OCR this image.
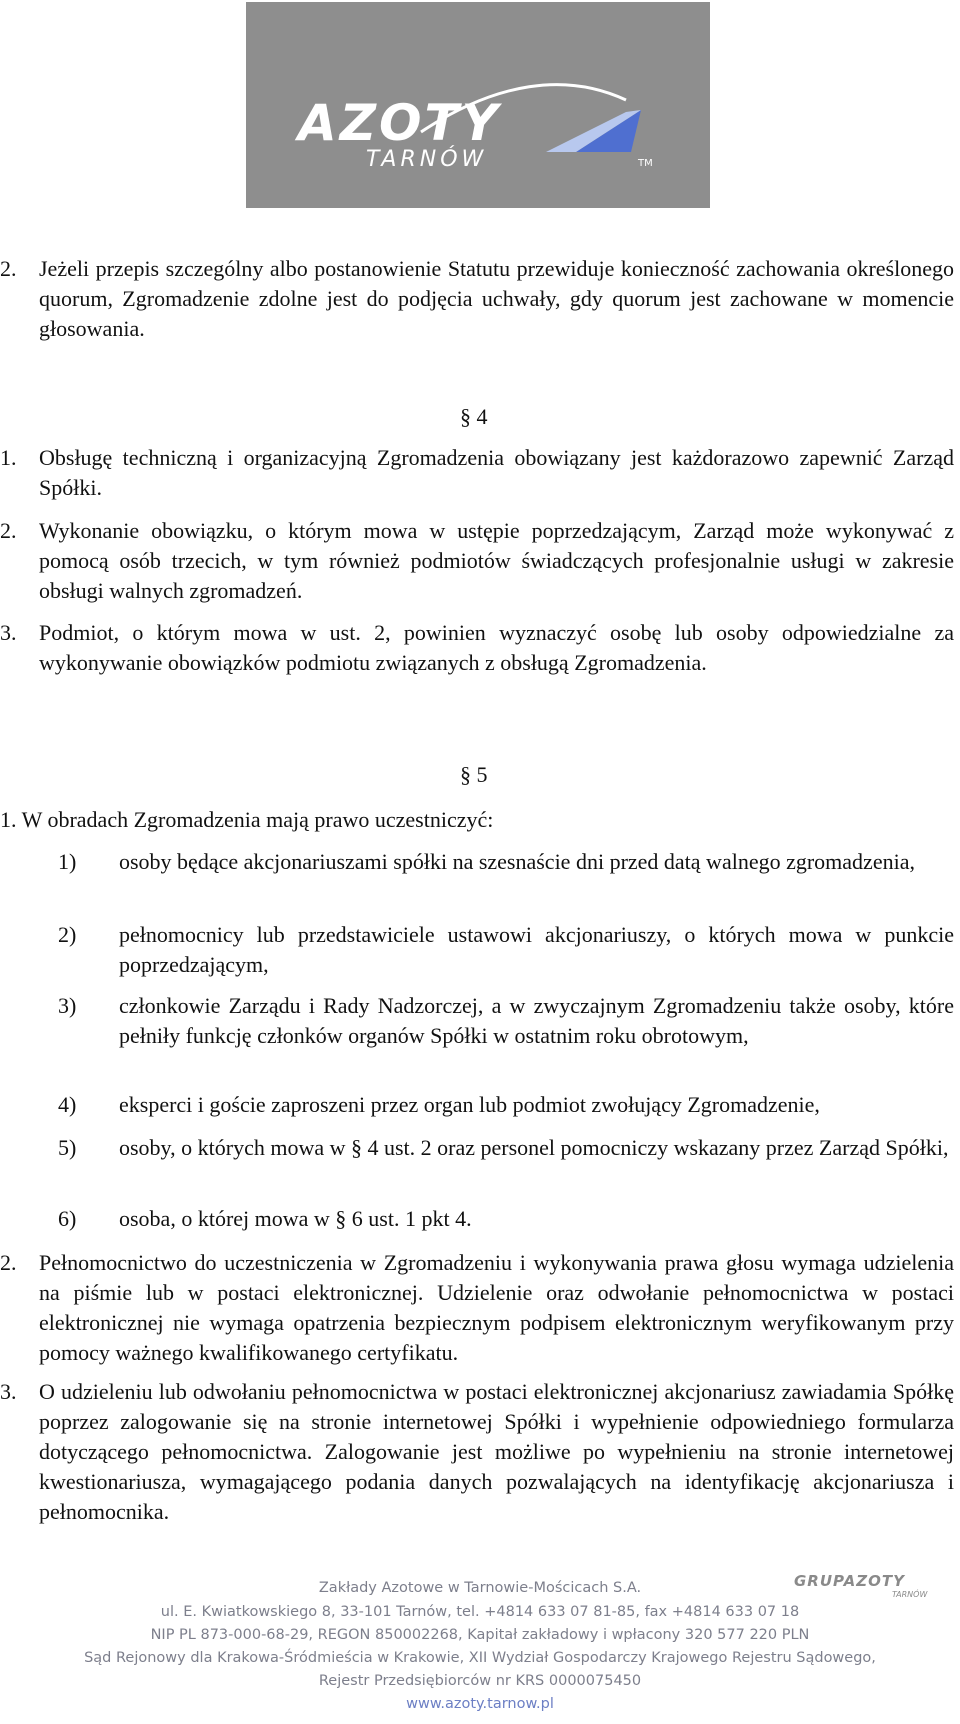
AZOTY
TARNÓW	TM
2. Jeżeli przepis szczególny albo postanowienie Statutu przewiduje konieczność zachowania określonego quorum, Zgromadzenie zdolne jest do podjęcia uchwały, gdy quorum jest zachowane w momencie głosowania.
§ 4
1. Obsługę techniczną i organizacyjną Zgromadzenia obowiązany jest każdorazowo zapewnić Zarząd Spółki.
2. Wykonanie obowiązku, o którym mowa w ustępie poprzedzającym, Zarząd może wykonywać z pomocą osób trzecich, w tym również podmiotów świadczących profesjonalnie usługi w zakresie obsługi walnych zgromadzeń.
3. Podmiot, o którym mowa w ust. 2, powinien wyznaczyć osobę lub osoby odpowiedzialne za wykonywanie obowiązków podmiotu związanych z obsługą Zgromadzenia.
§ 5
1. W obradach Zgromadzenia mają prawo uczestniczyć:
1) osoby będące akcjonariuszami spółki na szesnaście dni przed datą walnego zgromadzenia,
2) pełnomocnicy lub przedstawiciele ustawowi akcjonariuszy, o których mowa w punkcie poprzedzającym,
3) członkowie Zarządu i Rady Nadzorczej, a w zwyczajnym Zgromadzeniu także osoby, które pełniły funkcję członków organów Spółki w ostatnim roku obrotowym,
4) eksperci i goście zaproszeni przez organ lub podmiot zwołujący Zgromadzenie,
5) osoby, o których mowa w § 4 ust. 2 oraz personel pomocniczy wskazany przez Zarząd Spółki,
6) osoba, o której mowa w § 6 ust. 1 pkt 4.
2. Pełnomocnictwo do uczestniczenia w Zgromadzeniu i wykonywania prawa głosu wymaga udzielenia na piśmie lub w postaci elektronicznej. Udzielenie oraz odwołanie pełnomocnictwa w postaci elektronicznej nie wymaga opatrzenia bezpiecznym podpisem elektronicznym weryfikowanym przy pomocy ważnego kwalifikowanego certyfikatu.
3. O udzieleniu lub odwołaniu pełnomocnictwa w postaci elektronicznej akcjonariusz zawiadamia Spółkę poprzez zalogowanie się na stronie internetowej Spółki i wypełnienie odpowiedniego formularza dotyczącego pełnomocnictwa. Zalogowanie jest możliwe po wypełnieniu na stronie internetowej kwestionariusza, wymagającego podania danych pozwalających na identyfikację akcjonariusza i pełnomocnika.
GRUPAZOTY
TARNÓW
Zakłady Azotowe w Tarnowie-Mościcach S.A.
ul. E. Kwiatkowskiego 8, 33-101 Tarnów, tel. +4814 633 07 81-85, fax +4814 633 07 18
NIP PL 873-000-68-29, REGON 850002268, Kapitał zakładowy i wpłacony 320 577 220 PLN
Sąd Rejonowy dla Krakowa-Śródmieścia w Krakowie, XII Wydział Gospodarczy Krajowego Rejestru Sądowego,
Rejestr Przedsiębiorców nr KRS 0000075450
www.azoty.tarnow.pl
